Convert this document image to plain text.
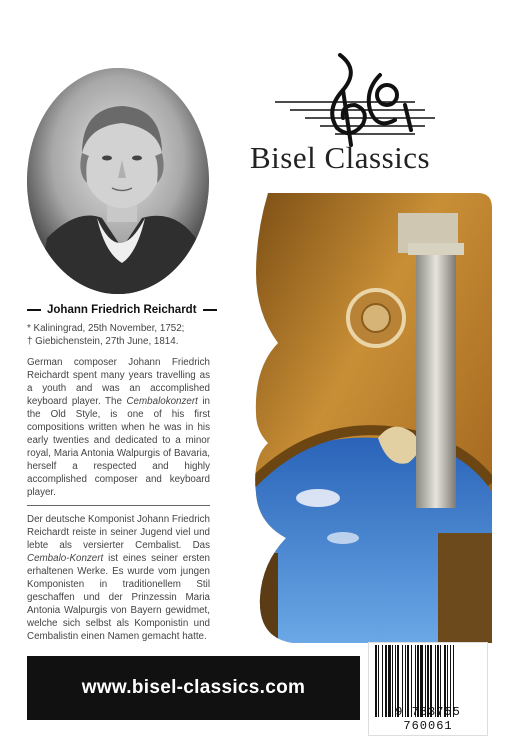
Johann Friedrich Reichardt

* Kaliningrad, 25th November, 1752;
† Giebichenstein, 27th June, 1814.

German composer Johann Friedrich Reichardt spent many years travelling as a youth and was an accomplished keyboard player. The Cembalokonzert in the Old Style, is one of his first compositions written when he was in his early twenties and dedicated to a minor royal, Maria Antonia Walpurgis of Bavaria, herself a respected and highly accomplished composer and keyboard player.

Der deutsche Komponist Johann Friedrich Reichardt reiste in seiner Jugend viel und lebte als versierter Cembalist. Das Cembalo-Konzert ist eines seiner ersten erhaltenen Werke. Es wurde vom jungen Komponisten in traditionellem Stil geschaffen und der Prinzessin Maria Antonia Walpurgis von Bayern gewidmet, welche sich selbst als Komponistin und Cembalistin einen Namen gemacht hatte.

Bisel Classics
www.bisel-classics.com
9 783755 760061
